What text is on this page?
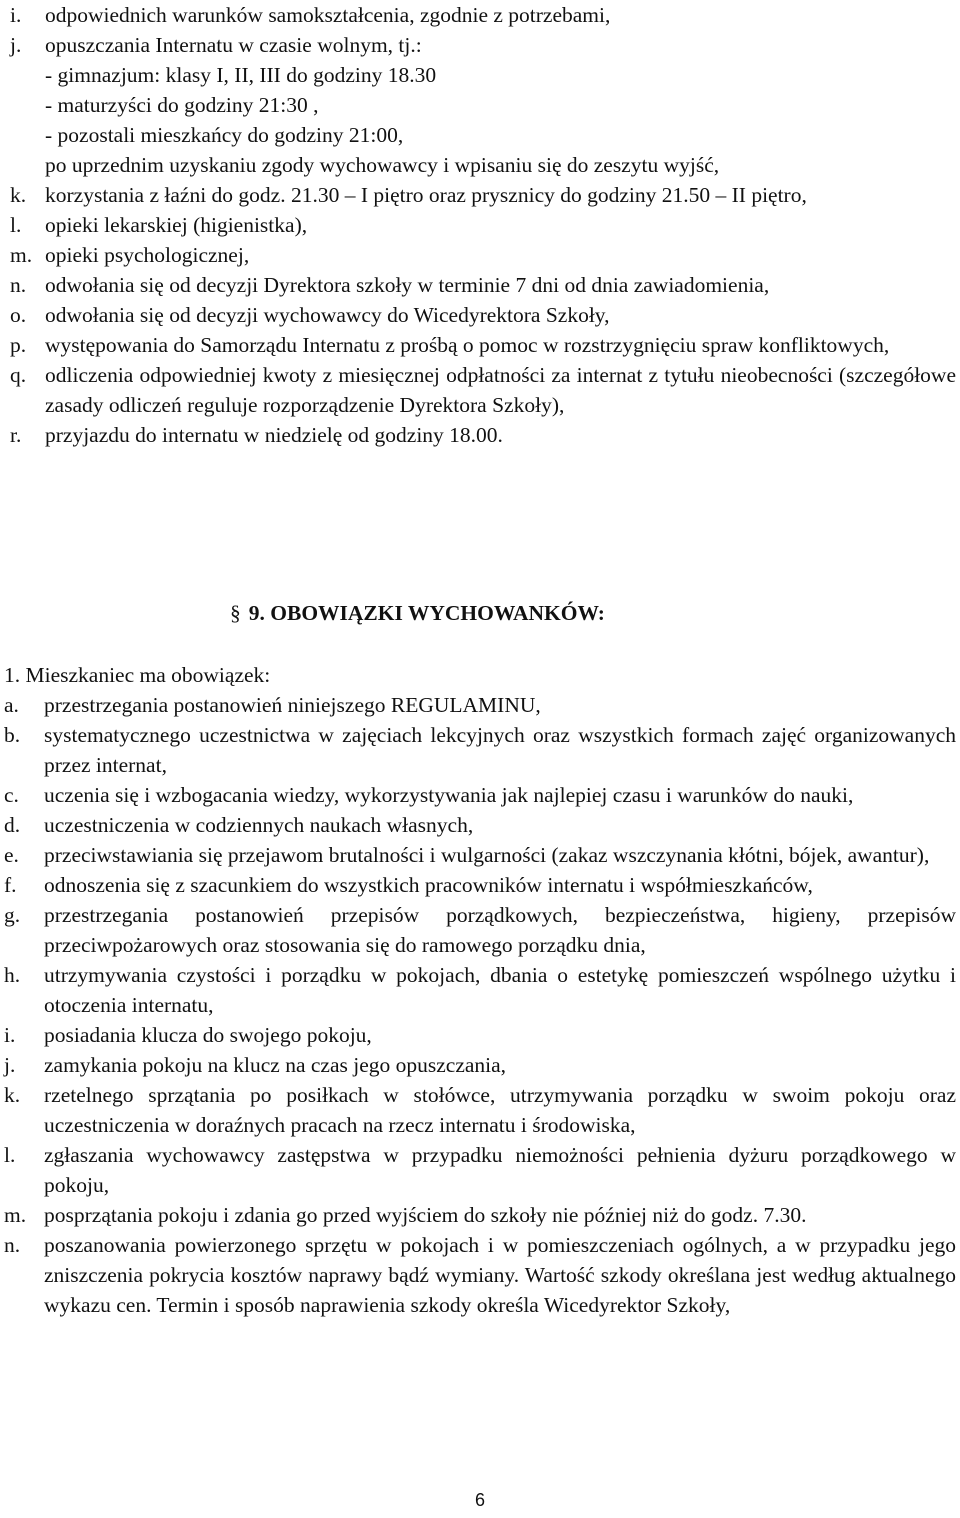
i.	odpowiednich warunków samokształcenia, zgodnie z potrzebami,
j.	opuszczania Internatu w czasie wolnym, tj.:
- gimnazjum: klasy I, II, III do godziny 18.30
- maturzyści do godziny 21:30 ,
- pozostali mieszkańcy do godziny 21:00,
po uprzednim uzyskaniu zgody wychowawcy i wpisaniu się do zeszytu wyjść,
k. korzystania z łaźni do godz. 21.30 – I piętro oraz prysznicy do godziny 21.50 – II piętro,
l.	opieki lekarskiej (higienistka),
m. opieki psychologicznej,
n. odwołania się od decyzji Dyrektora szkoły w terminie 7 dni od dnia zawiadomienia,
o. odwołania się od decyzji wychowawcy do Wicedyrektora Szkoły,
p. występowania do Samorządu Internatu z prośbą o pomoc w rozstrzygnięciu spraw konfliktowych,
q. odliczenia odpowiedniej kwoty z miesięcznej odpłatności za internat z tytułu nieobecności (szczegółowe zasady odliczeń reguluje rozporządzenie Dyrektora Szkoły),
r.	przyjazdu do internatu w niedzielę od godziny 18.00.
§ 9. OBOWIĄZKI WYCHOWANKÓW:
1. Mieszkaniec ma obowiązek:
a.	przestrzegania postanowień niniejszego REGULAMINU,
b.	systematycznego uczestnictwa w zajęciach lekcyjnych oraz wszystkich formach zajęć organizowanych przez internat,
c.	uczenia się i wzbogacania wiedzy, wykorzystywania jak najlepiej czasu i warunków do nauki,
d.	uczestniczenia w codziennych naukach własnych,
e.	przeciwstawiania się przejawom brutalności i wulgarności (zakaz wszczynania kłótni, bójek, awantur),
f.	odnoszenia się z szacunkiem do wszystkich pracowników internatu i współmieszkańców,
g.	przestrzegania postanowień przepisów porządkowych, bezpieczeństwa, higieny, przepisów przeciwpożarowych oraz stosowania się do ramowego porządku dnia,
h.	utrzymywania czystości i porządku w pokojach, dbania o estetykę pomieszczeń wspólnego użytku i otoczenia internatu,
i.	posiadania klucza do swojego pokoju,
j.	zamykania pokoju na klucz na czas jego opuszczania,
k.	rzetelnego sprzątania po posiłkach w stołówce, utrzymywania porządku w swoim pokoju oraz uczestniczenia w doraźnych pracach na rzecz internatu i środowiska,
l.	zgłaszania wychowawcy zastępstwa w przypadku niemożności pełnienia dyżuru porządkowego w pokoju,
m. posprzątania pokoju i zdania go przed wyjściem do szkoły nie później niż do godz. 7.30.
n.	poszanowania powierzonego sprzętu w pokojach i w pomieszczeniach ogólnych, a w przypadku jego zniszczenia pokrycia kosztów naprawy bądź wymiany. Wartość szkody określana jest według aktualnego wykazu cen. Termin i sposób naprawienia szkody określa Wicedyrektor Szkoły,
6
